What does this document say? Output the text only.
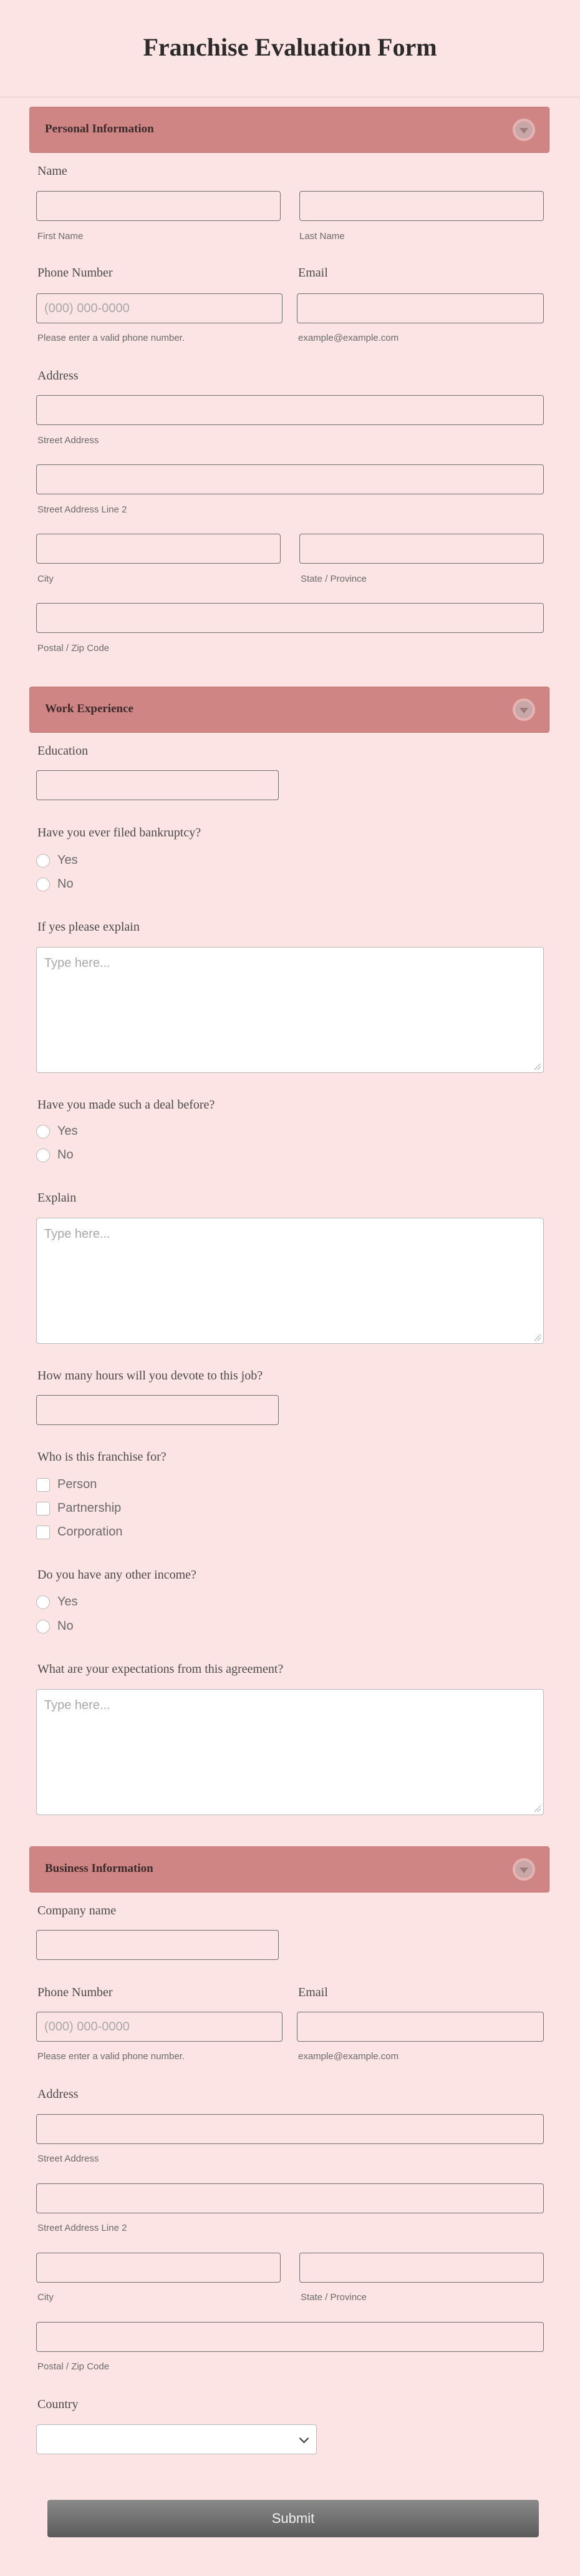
Franchise Evaluation Form
Personal Information
Name
First Name	Last Name
Phone Number
(000) 000-0000
Please enter a valid phone number.
Email
example@example.com
Address
Street Address
Street Address Line 2
City	State / Province
Postal / Zip Code
Work Experience
Education
Have you ever filed bankruptcy?
Yes
No
If yes please explain
Type here...
Have you made such a deal before?
Yes
No
Explain
Type here...
How many hours will you devote to this job?
Who is this franchise for?
Person
Partnership
Corporation
Do you have any other income?
Yes
No
What are your expectations from this agreement?
Type here...
Business Information
Company name
Phone Number
(000) 000-0000
Please enter a valid phone number.
Email
example@example.com
Address
Street Address
Street Address Line 2
City	State / Province
Postal / Zip Code
Country
Submit
